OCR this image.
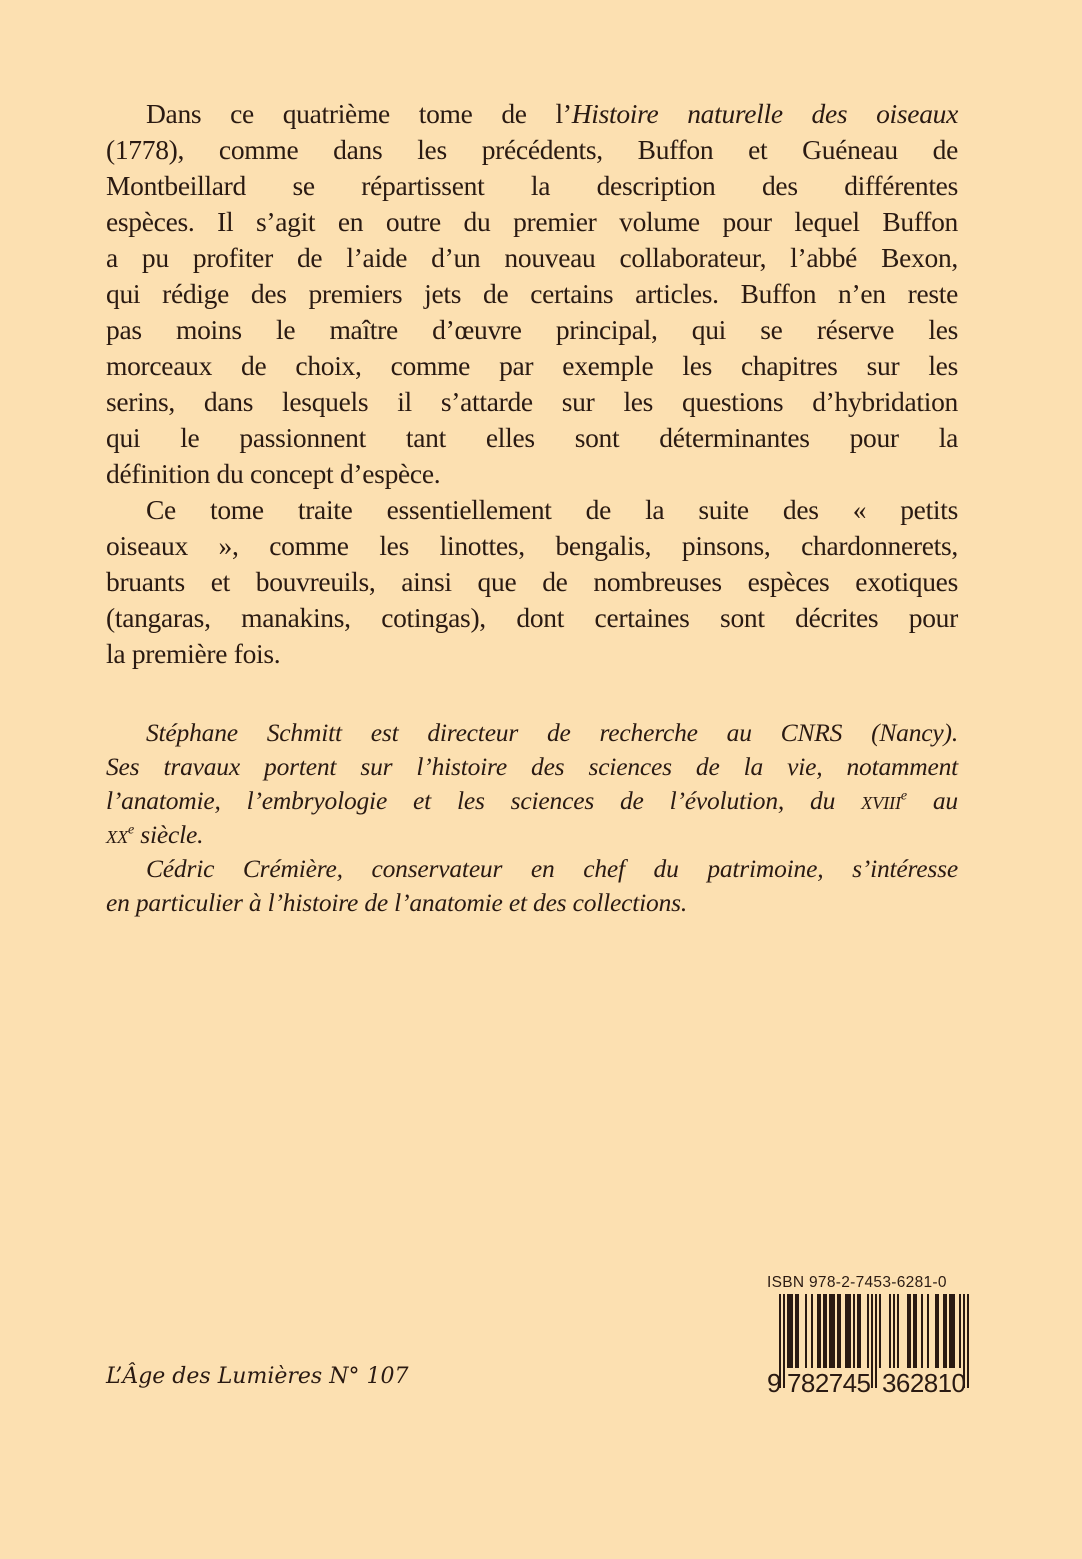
Dans ce quatrième tome de l’Histoire naturelle des oiseaux
(1778), comme dans les précédents, Buffon et Guéneau de
Montbeillard se répartissent la description des différentes
espèces. Il s’agit en outre du premier volume pour lequel Buffon
a pu profiter de l’aide d’un nouveau collaborateur, l’abbé Bexon,
qui rédige des premiers jets de certains articles. Buffon n’en reste
pas moins le maître d’œuvre principal, qui se réserve les
morceaux de choix, comme par exemple les chapitres sur les
serins, dans lesquels il s’attarde sur les questions d’hybridation
qui le passionnent tant elles sont déterminantes pour la
définition du concept d’espèce.
Ce tome traite essentiellement de la suite des « petits
oiseaux », comme les linottes, bengalis, pinsons, chardonnerets,
bruants et bouvreuils, ainsi que de nombreuses espèces exotiques
(tangaras, manakins, cotingas), dont certaines sont décrites pour
la première fois.
Stéphane Schmitt est directeur de recherche au CNRS (Nancy).
Ses travaux portent sur l’histoire des sciences de la vie, notamment
l’anatomie, l’embryologie et les sciences de l’évolution, du XVIIIe au
XXe siècle.
Cédric Crémière, conservateur en chef du patrimoine, s’intéresse
en particulier à l’histoire de l’anatomie et des collections.
L’Âge des Lumières N° 107
ISBN 978-2-7453-6281-0
9 782745 362810
